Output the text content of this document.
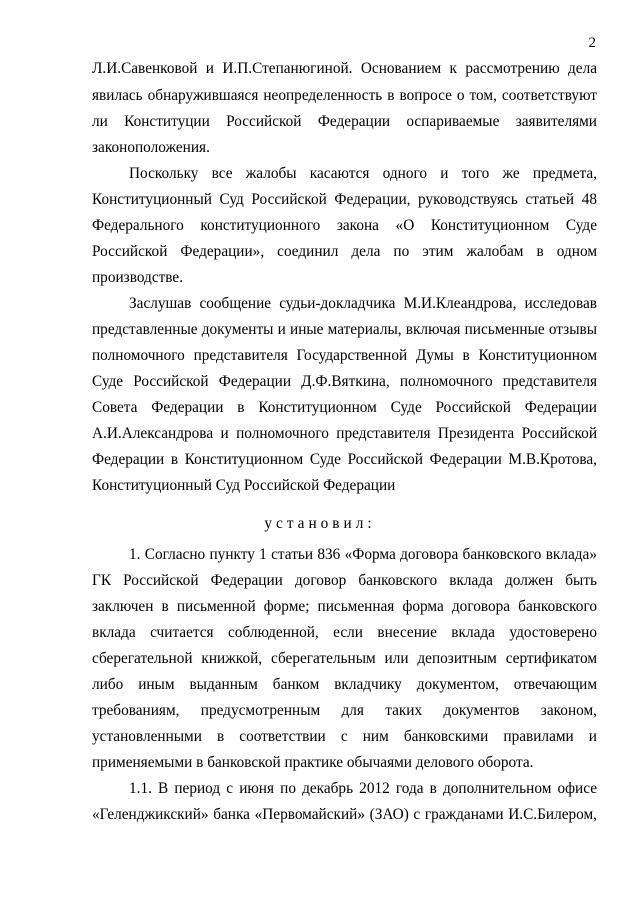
2
Л.И.Савенковой и И.П.Степанюгиной. Основанием к рассмотрению дела
явилась обнаружившаяся неопределенность в вопросе о том, соответствуют
ли Конституции Российской Федерации оспариваемые заявителями
законоположения.
Поскольку все жалобы касаются одного и того же предмета,
Конституционный Суд Российской Федерации, руководствуясь статьей 48
Федерального конституционного закона «О Конституционном Суде
Российской Федерации», соединил дела по этим жалобам в одном
производстве.
Заслушав сообщение судьи-докладчика М.И.Клеандрова, исследовав
представленные документы и иные материалы, включая письменные отзывы
полномочного представителя Государственной Думы в Конституционном
Суде Российской Федерации Д.Ф.Вяткина, полномочного представителя
Совета Федерации в Конституционном Суде Российской Федерации
А.И.Александрова и полномочного представителя Президента Российской
Федерации в Конституционном Суде Российской Федерации М.В.Кротова,
Конституционный Суд Российской Федерации
1. Согласно пункту 1 статьи 836 «Форма договора банковского вклада»
ГК Российской Федерации договор банковского вклада должен быть
заключен в письменной форме; письменная форма договора банковского
вклада считается соблюденной, если внесение вклада удостоверено
сберегательной книжкой, сберегательным или депозитным сертификатом
либо иным выданным банком вкладчику документом, отвечающим
требованиям, предусмотренным для таких документов законом,
установленными в соответствии с ним банковскими правилами и
применяемыми в банковской практике обычаями делового оборота.
1.1. В период с июня по декабрь 2012 года в дополнительном офисе
«Геленджикский» банка «Первомайский» (ЗАО) с гражданами И.С.Билером,
установил:
